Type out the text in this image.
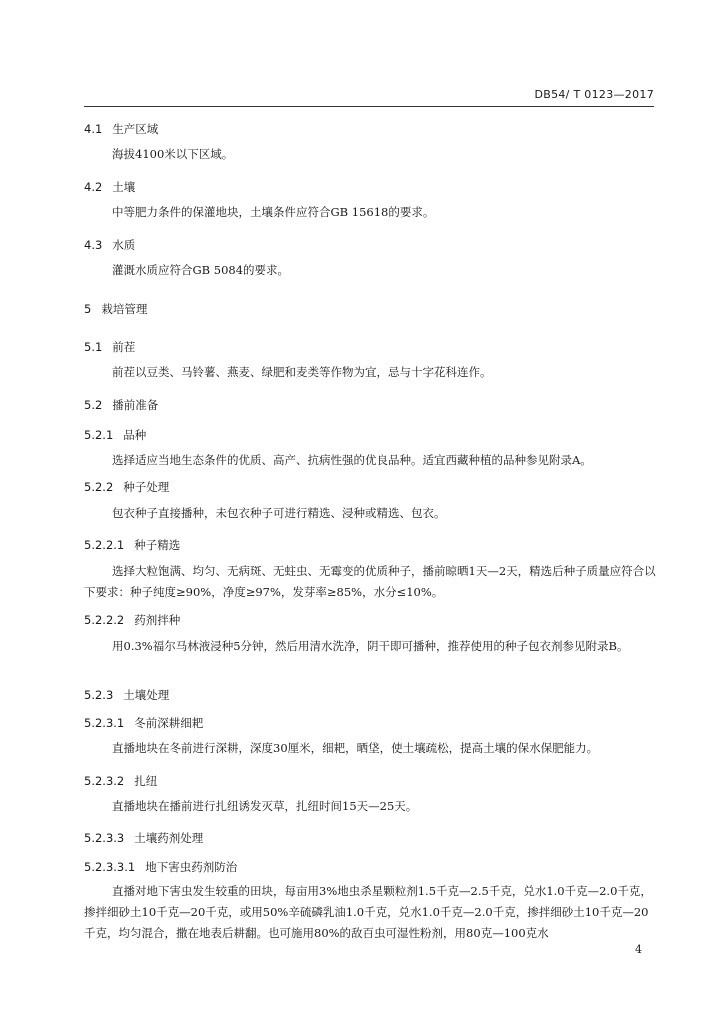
DB54/ T 0123—2017
4.1 生产区域
海拔4100米以下区域。
4.2 土壤
中等肥力条件的保灌地块，土壤条件应符合GB 15618的要求。
4.3 水质
灌溉水质应符合GB 5084的要求。
5 栽培管理
5.1 前茬
前茬以豆类、马铃薯、燕麦、绿肥和麦类等作物为宜，忌与十字花科连作。
5.2 播前准备
5.2.1 品种
选择适应当地生态条件的优质、高产、抗病性强的优良品种。适宜西藏种植的品种参见附录A。
5.2.2 种子处理
包衣种子直接播种，未包衣种子可进行精选、浸种或精选、包衣。
5.2.2.1 种子精选
选择大粒饱满、均匀、无病斑、无蛀虫、无霉变的优质种子，播前晾晒1天—2天，精选后种子质量应符合以下要求：种子纯度≥90%，净度≥97%，发芽率≥85%，水分≤10%。
5.2.2.2 药剂拌种
用0.3%福尔马林液浸种5分钟，然后用清水洗净，阴干即可播种，推荐使用的种子包衣剂参见附录B。
5.2.3 土壤处理
5.2.3.1 冬前深耕细耙
直播地块在冬前进行深耕，深度30厘米，细耙，晒垡，使土壤疏松，提高土壤的保水保肥能力。
5.2.3.2 扎纽
直播地块在播前进行扎纽诱发灭草，扎纽时间15天—25天。
5.2.3.3 土壤药剂处理
5.2.3.3.1 地下害虫药剂防治
直播对地下害虫发生较重的田块，每亩用3%地虫杀星颗粒剂1.5千克—2.5千克，兑水1.0千克—2.0千克，掺拌细砂土10千克—20千克，或用50%辛硫磷乳油1.0千克，兑水1.0千克—2.0千克，掺拌细砂土10千克—20千克，均匀混合，撒在地表后耕翻。也可施用80%的敌百虫可湿性粉剂，用80克—100克水
4
